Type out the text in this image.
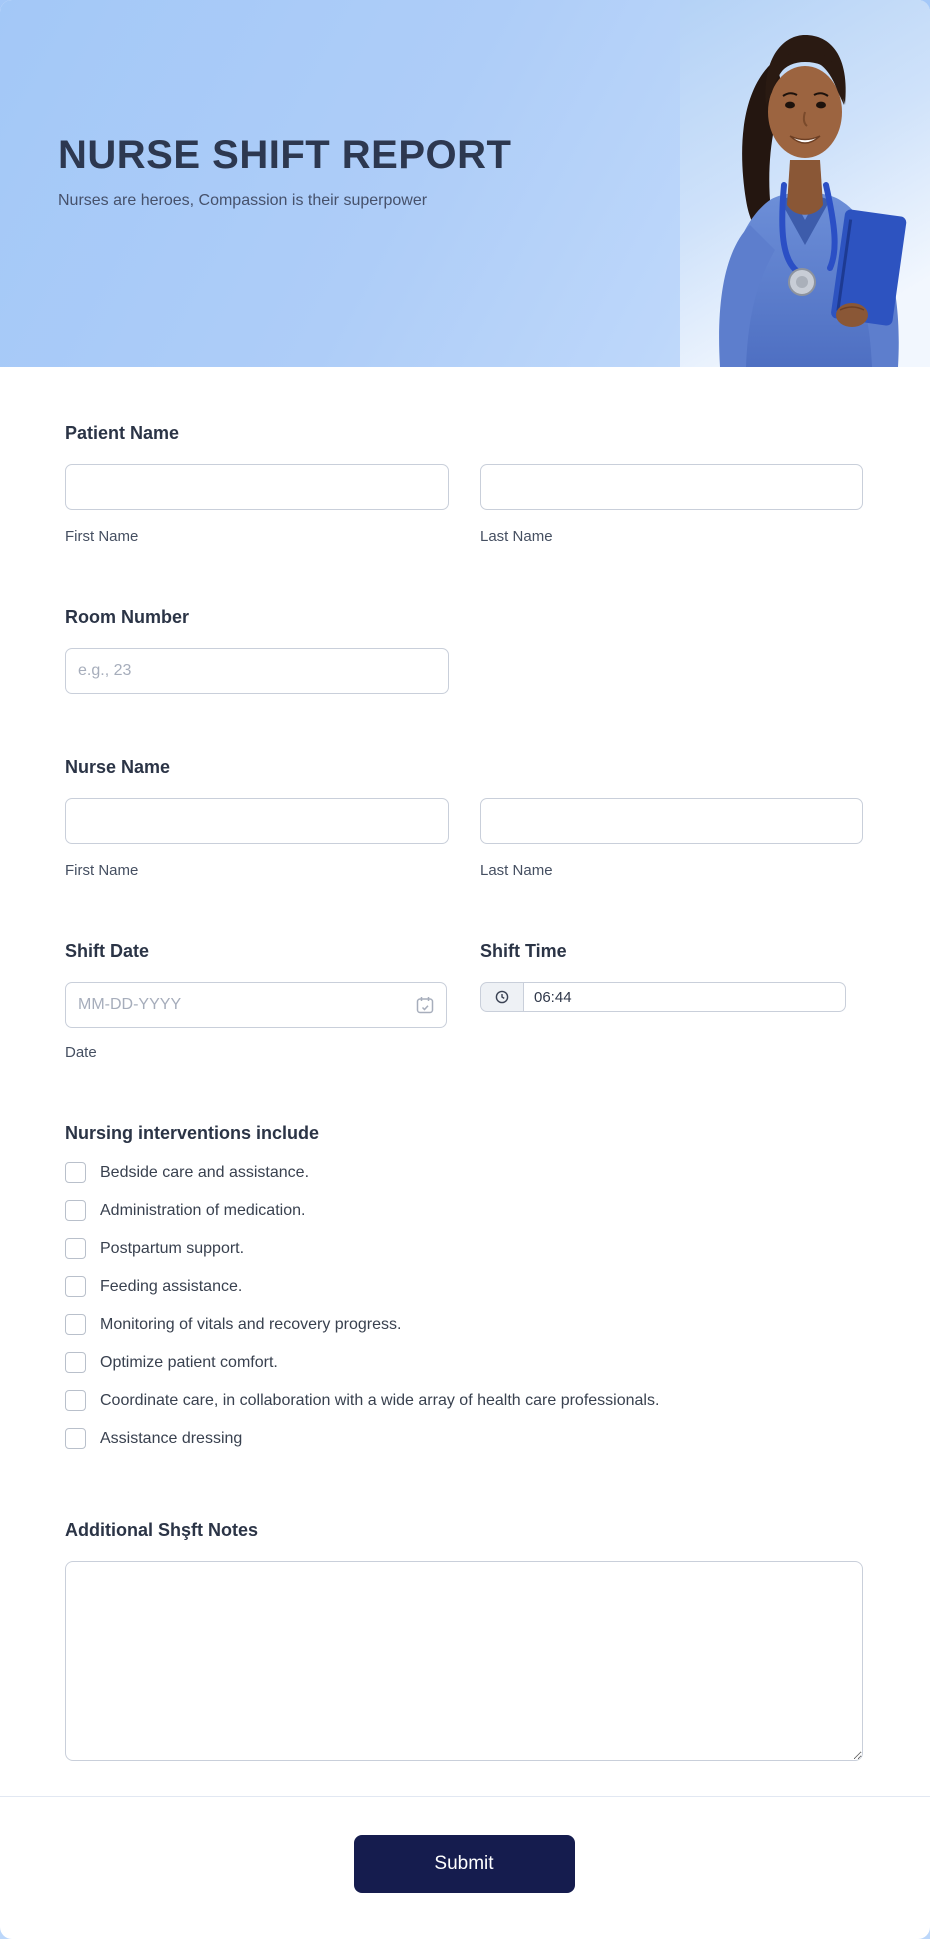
NURSE SHIFT REPORT
Nurses are heroes, Compassion is their superpower
Patient Name
First Name	Last Name
Room Number
e.g., 23
Nurse Name
First Name	Last Name
Shift Date	Shift Time
MM-DD-YYYY
Date
06:44
Nursing interventions include
Bedside care and assistance.
Administration of medication.
Postpartum support.
Feeding assistance.
Monitoring of vitals and recovery progress.
Optimize patient comfort.
Coordinate care, in collaboration with a wide array of health care professionals.
Assistance dressing
Additional Shşft Notes
Submit
